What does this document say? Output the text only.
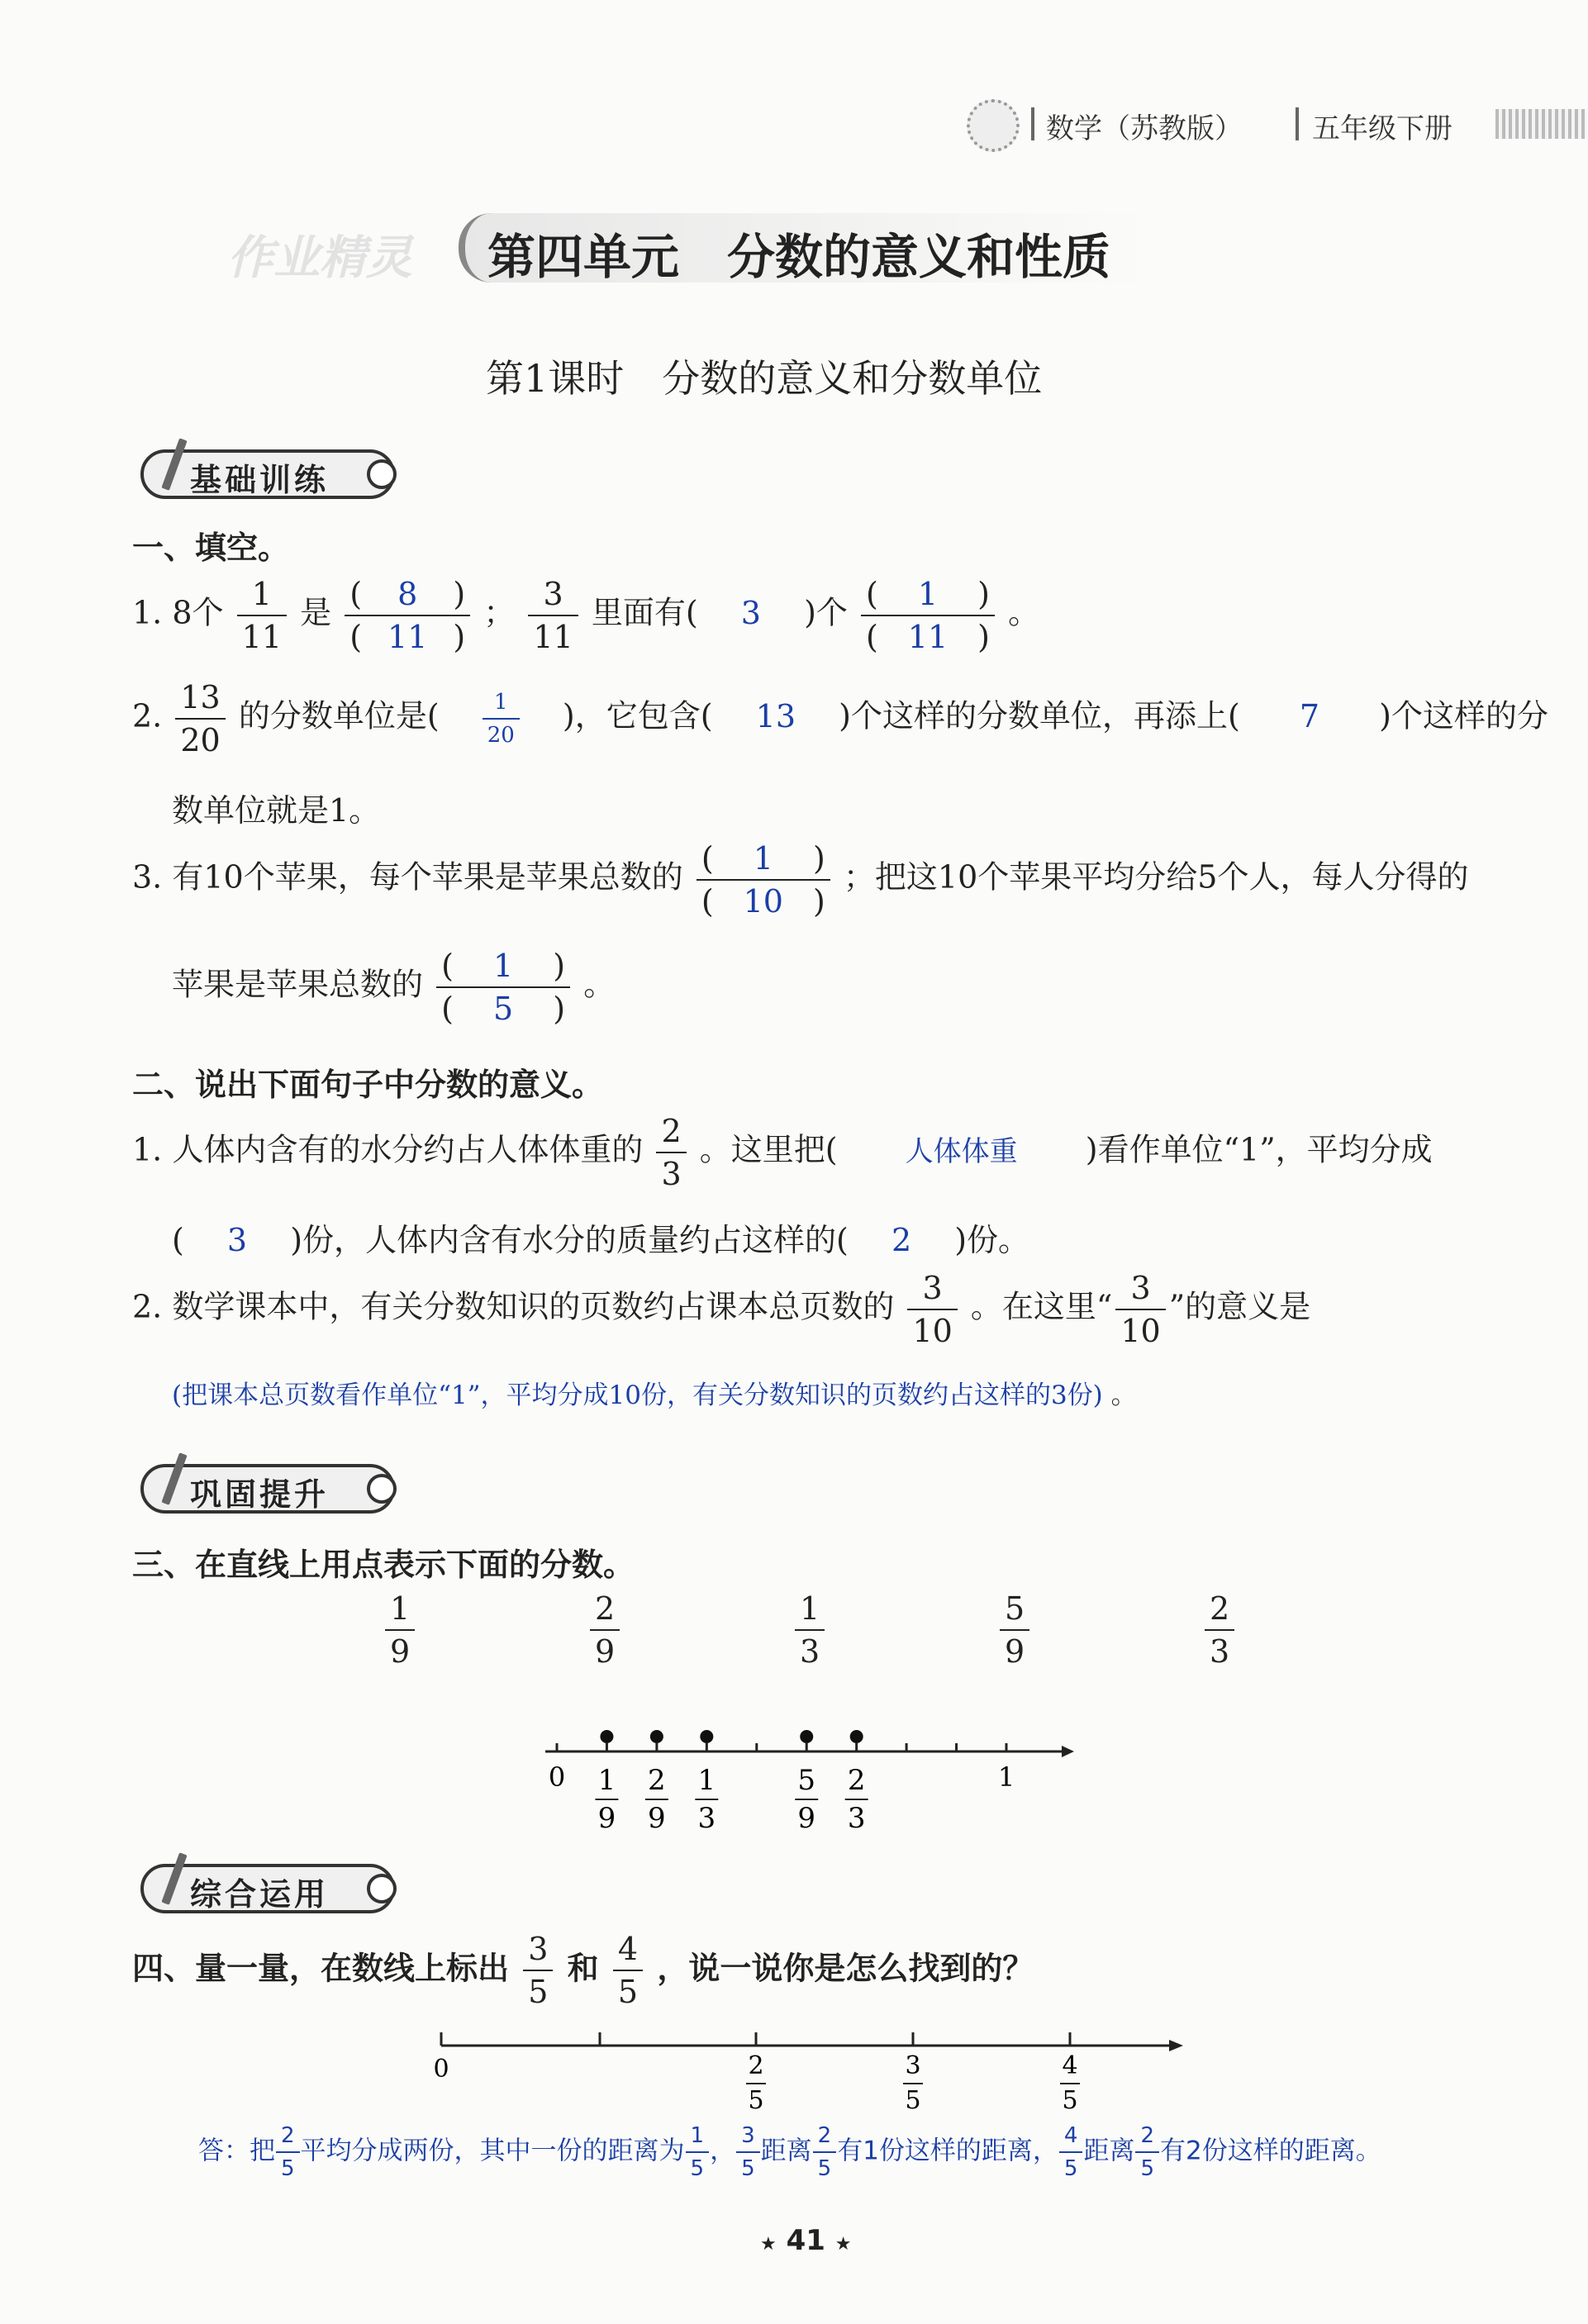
数学（苏教版） 五年级下册
作业精灵 第四单元　分数的意义和性质
第1课时　分数的意义和分数单位
基础训练
一、填空。
1. 8个 $\frac{1}{11}$ 是 $\frac{( 8 )}{( 11 )}$ ； $\frac{3}{11}$ 里面有( 3 )个 $\frac{( 1 )}{( 11 )}$ 。
2. $\frac{13}{20}$ 的分数单位是( $\frac{1}{20}$ )，它包含( 13 )个这样的分数单位，再添上( 7 )个这样的分
数单位就是1。
3. 有10个苹果，每个苹果是苹果总数的 $\frac{( 1 )}{( 10 )}$ ；把这10个苹果平均分给5个人，每人分得的
苹果是苹果总数的 $\frac{( 1 )}{( 5 )}$ 。
二、说出下面句子中分数的意义。
1. 人体内含有的水分约占人体体重的 $\frac{2}{3}$ 。这里把( 人体体重 )看作单位“1”，平均分成
( 3 )份，人体内含有水分的质量约占这样的( 2 )份。
2. 数学课本中，有关分数知识的页数约占课本总页数的 $\frac{3}{10}$ 。在这里“ $\frac{3}{10}$ ”的意义是
(把课本总页数看作单位“1”，平均分成10份，有关分数知识的页数约占这样的3份) 。
巩固提升
三、在直线上用点表示下面的分数。
$\frac{1}{9}$	$\frac{2}{9}$	$\frac{1}{3}$	$\frac{5}{9}$	$\frac{2}{3}$
0	1
1
9
2
9
1
3
5
9
2
3
综合运用
四、量一量，在数线上标出 $\frac{3}{5}$ 和 $\frac{4}{5}$ ，说一说你是怎么找到的？
0	2
5
3
5
4
5
答：把 $\frac{2}{5}$ 平均分成两份，其中一份的距离为 $\frac{1}{5}$ ， $\frac{3}{5}$ 距离 $\frac{2}{5}$ 有1份这样的距离， $\frac{4}{5}$ 距离 $\frac{2}{5}$ 有2份这样的距离。
★ 41 ★
